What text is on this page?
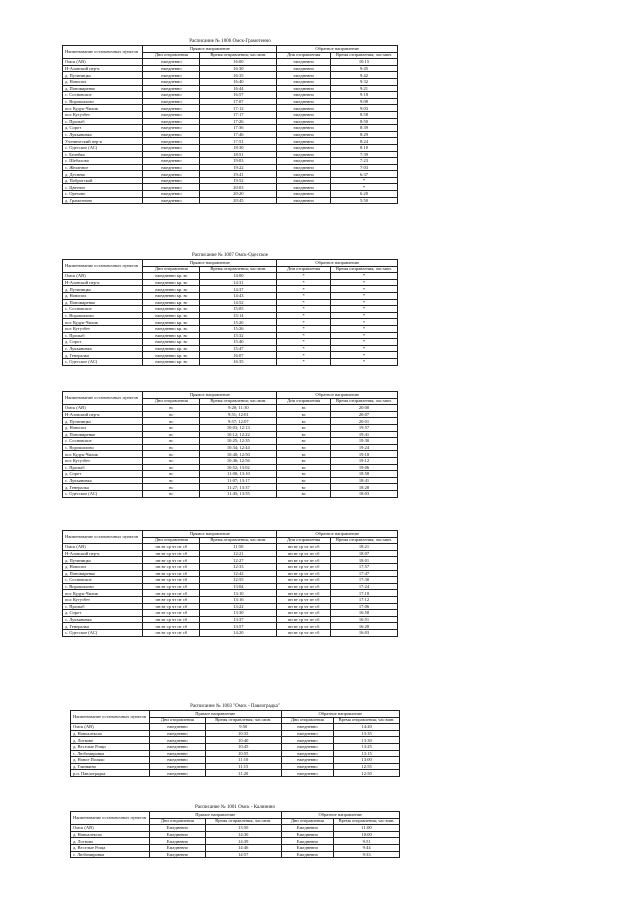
Расписание № 1006 Омск-Грамотеино
Наименование остановочных пунктов	Прямое направление		Обратное направление	
	Дни отправления	Время отправления; час:мин.	Дни отправления	Время отправления; час:мин.
Омск (АВ)	ежедневно	16:00	ежедневно	10:15
Н-Азовский пер-к	ежедневно	16:30	ежедневно	9:45
д. Путиницко	ежедневно	16:35	ежедневно	9:42
д. Новопол	ежедневно	16:40	ежедневно	9:32
д. Пономаренко	ежедневно	16:44	ежедневно	9:21
с. Сосновское	ежедневно	16:57	ежедневно	9:18
с. Ворошилово	ежедневно	17:07	ежедневно	9:08
пос Кудук-Чилик	ежедневно	17:12	ежедневно	9:03
пос Кутузбет	ежедневно	17:17	ежедневно	8:58
с. Пролыб	ежедневно	17:26	ежедневно	8:50
д. Сорот	ежедневно	17:36	ежедневно	8:39
с. Лукьяновка	ежедневно	17:46	ежедневно	8:29
Ученический пер-к	ежедневно	17:51	ежедневно	8:24
с. Одесское (АС)	ежедневно	18:30	ежедневно	8:10
с. Белейка	ежедневно	18:51	ежедневно	7:39
с. Шебалово	ежедневно	19:03	ежедневно	7:23
с. Желанное	ежедневно	19:22	ежедневно	7:03
д. Деснеко	ежедневно	19:41	ежедневно	6:37
д. Побротской	ежедневно	19:52	ежедневно	*
с. Цветное	ежедневно	20:03	ежедневно	*
с. Орехово	ежедневно	20:20	ежедневно	6:20
д. Грамотеино	ежедневно	20:45	ежедневно	5:50
Расписание № 1007 Омск-Одесское
Наименование остановочных пунктов	Прямое направление		Обратное направление	
	Дни отправления	Время отправления; час:мин.	Дни отправления	Время отправления; час:мин.
Омск (АВ)	ежедневно кр. вс	14:00	*	*
Н-Азовский пер-к	ежедневно кр. вс	14:31	*	*
д. Путиницко	ежедневно кр. вс	14:37	*	*
д. Новопол	ежедневно кр. вс	14:43	*	*
д. Пономаренко	ежедневно кр. вс	14:52	*	*
с. Сосновское	ежедневно кр. вс	15:05	*	*
с. Ворошилово	ежедневно кр. вс	15:14	*	*
пос Кудук-Чилик	ежедневно кр. вс	15:20	*	*
пос Кутузбет	ежедневно кр. вс	15:26	*	*
с. Пролыб	ежедневно кр. вс	15:32	*	*
д. Сорот	ежедневно кр. вс	15:40	*	*
с. Лукьяновка	ежедневно кр. вс	15:47	*	*
д. Генералка	ежедневно кр. вс	16:07	*	*
с. Одесское (АС)	ежедневно кр. вс	16:35	*	*
Наименование остановочных пунктов	Прямое направление		Обратное направление	
	Дни отправления	Время отправления; час:мин.	Дни отправления	Время отправления; час:мин.
Омск (АВ)	вс	9:20; 11:30	вс	20:00
Н-Азовский пер-к	вс	9:51; 12:01	вс	20:07
д. Путиницко	вс	9:57; 12:07	вс	20:01
д. Новопол	вс	10:03; 12:13	вс	19:57
д. Пономаренко	вс	10:12; 12:22	вс	19:41
с. Сосновское	вс	10:25; 12:35	вс	19:30
с. Ворошилово	вс	10:34; 12:44	вс	19:24
пос Кудук-Чилик	вс	10:40; 12:50	вс	19:18
пос Кутузбет	вс	10:46; 12:56	вс	19:12
с. Пролыб	вс	10:52; 13:02	вс	19:06
д. Сорот	вс	11:00; 13:10	вс	18:58
с. Лукьяновка	вс	11:07; 13:17	вс	18:41
д. Генералка	вс	11:27; 13:37	вс	18:28
с. Одесское (АС)	вс	11:45; 13:55	вс	18:03
Наименование остановочных пунктов	Прямое направление		Обратное направление	
	Дни отправления	Время отправления; час:мин.	Дни отправления	Время отправления; час:мин.
Омск (АВ)	пн вт ср чт пт сб	11:50	пн вт ср чт пт сб	18:21
Н-Азовский пер-к	пн вт ср чт пт сб	12:21	пн вт ср чт пт сб	18:07
д. Путиницко	пн вт ср чт пт сб	12:27	пн вт ср чт пт сб	18:01
д. Новопол	пн вт ср чт пт сб	12:33	пн вт ср чт пт сб	17:57
д. Пономаренко	пн вт ср чт пт сб	12:42	пн вт ср чт пт сб	17:47
с. Сосновское	пн вт ср чт пт сб	12:55	пн вт ср чт пт сб	17:30
с. Ворошилово	пн вт ср чт пт сб	13:04	пн вт ср чт пт сб	17:24
пос Кудук-Чилик	пн вт ср чт пт сб	13:10	пн вт ср чт пт сб	17:18
пос Кутузбет	пн вт ср чт пт сб	13:16	пн вт ср чт пт сб	17:12
с. Пролыб	пн вт ср чт пт сб	13:22	пн вт ср чт пт сб	17:06
д. Сорот	пн вт ср чт пт сб	13:30	пн вт ср чт пт сб	16:58
с. Лукьяновка	пн вт ср чт пт сб	13:37	пн вт ср чт пт сб	16:51
д. Генералка	пн вт ср чт пт сб	13:57	пн вт ср чт пт сб	16:28
с. Одесское (АС)	пн вт ср чт пт сб	14:20	пн вт ср чт пт сб	16:03
Расписание № 1003 "Омск - Павлоградка"
Наименование остановочных пунктов	Прямое направление		Обратное направление	
	Дни отправления	Время отправления; час:мин.	Дни отправления	Время отправления; час:мин.
Омск (АВ)	ежедневно	9:50	ежедневно	14:20
д. Новоалексах	ежедневно	10:35	ежедневно	13:35
д. Логвово	ежедневно	10:40	ежедневно	13:30
д. Веселые Рощи	ежедневно	10:45	ежедневно	13:25
с. Любомировка	ежедневно	10:55	ежедневно	13:15
д. Новое Поляко	ежедневно	11:10	ежедневно	13:00
д. Глинкино	ежедневно	11:15	ежедневно	12:55
р.п. Павлоградка	ежедневно	11:20	ежедневно	12:50
Расписание № 1001 Омск - Калинино
Наименование остановочных пунктов	Прямое направление		Обратное направление	
	Дни отправления	Время отправления; час:мин.	Дни отправления	Время отправления; час:мин.
Омск (АВ)	Ежедневно	13:50	Ежедневно	11:00
д. Новоалексах	Ежедневно	14:30	Ежедневно	10:00
д. Логвово	Ежедневно	14:39	Ежедневно	9:51
д. Веселые Роща	Ежедневно	14:46	Ежедневно	9:44
с. Любомировка	Ежедневно	14:57	Ежедневно	9:33
